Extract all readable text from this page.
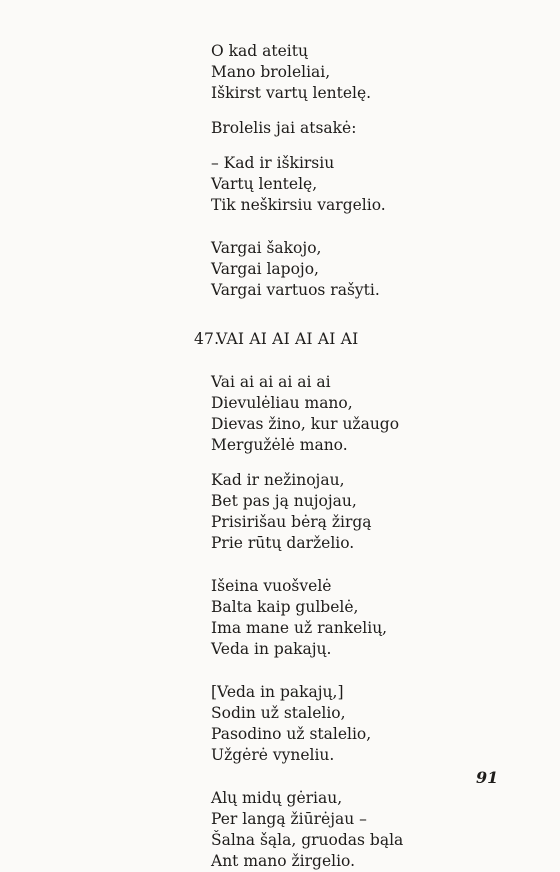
O kad ateitų
Mano broleliai,
Iškirst vartų lentelę.
Brolelis jai atsakė:
– Kad ir iškirsiu
Vartų lentelę,
Tik neškirsiu vargelio.
Vargai šakojo,
Vargai lapojo,
Vargai vartuos rašyti.
47. VAI AI AI AI AI AI
Vai ai ai ai ai ai
Dievulėliau mano,
Dievas žino, kur užaugo
Mergužėlė mano.
Kad ir nežinojau,
Bet pas ją nujojau,
Prisirišau bėrą žirgą
Prie rūtų darželio.
Išeina vuošvelė
Balta kaip gulbelė,
Ima mane už rankelių,
Veda in pakajų.
[Veda in pakajų,]
Sodin už stalelio,
Pasodino už stalelio,
Užgėrė vyneliu.
Alų midų gėriau,
Per langą žiūrėjau –
Šalna šąla, gruodas bąla
Ant mano žirgelio.
91
